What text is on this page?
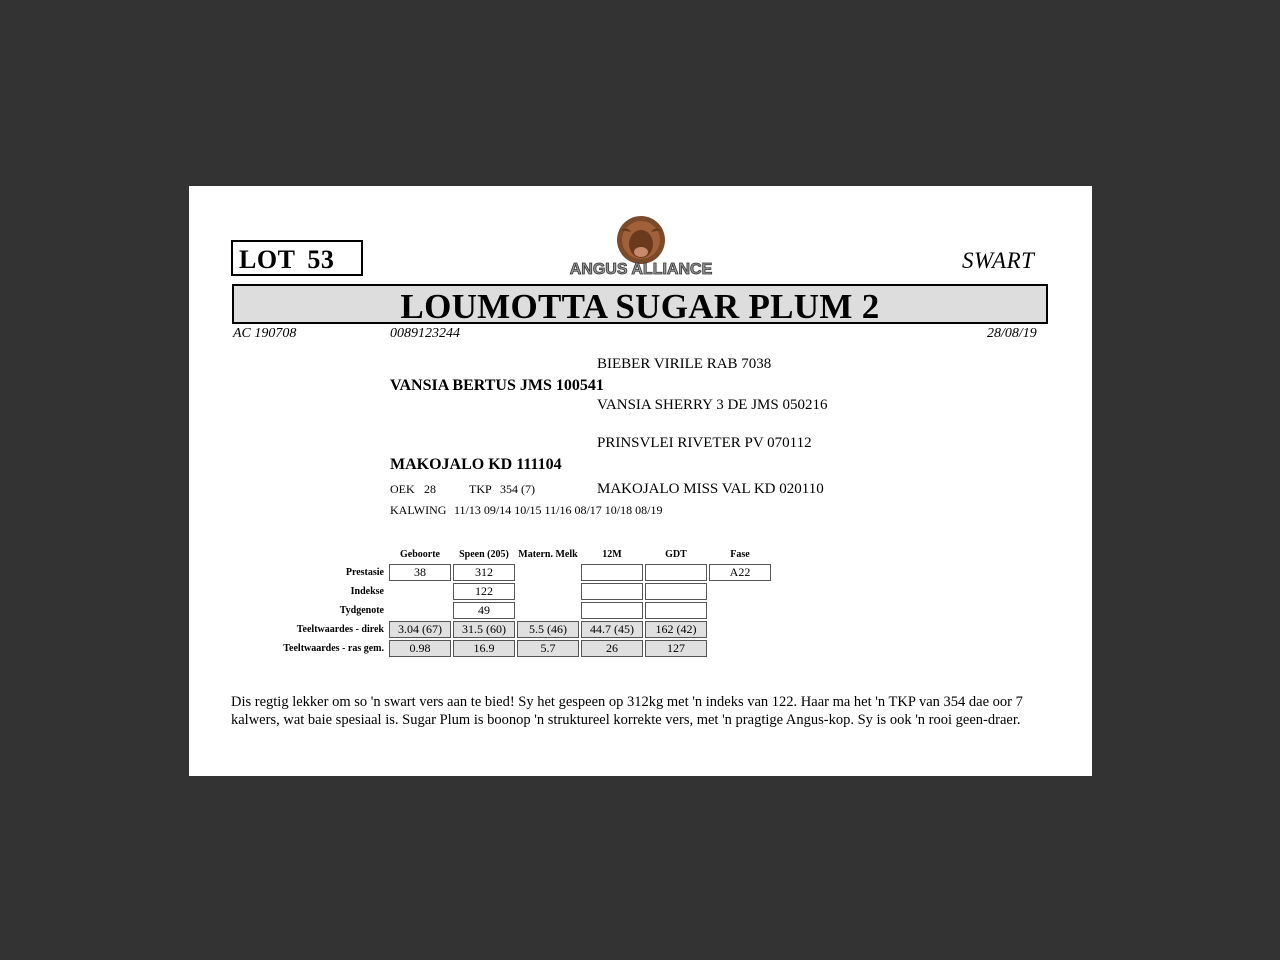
LOT 53	ANGUS ALLIANCE	SWART
LOUMOTTA SUGAR PLUM 2
AC 190708	0089123244	28/08/19
BIEBER VIRILE RAB 7038
VANSIA BERTUS JMS 100541
VANSIA SHERRY 3 DE JMS 050216
PRINSVLEI RIVETER PV 070112
MAKOJALO KD 111104
MAKOJALO MISS VAL KD 020110
OEK 28	TKP 354 (7)
KALWING 11/13 09/14 10/15 11/16 08/17 10/18 08/19
	Geboorte	Speen (205)	Matern. Melk	12M	GDT	Fase
Prestasie	38	312				A22
Indekse		122				
Tydgenote		49				
Teeltwaardes - direk	3.04 (67)	31.5 (60)	5.5 (46)	44.7 (45)	162 (42)	
Teeltwaardes - ras gem.	0.98	16.9	5.7	26	127	
Dis regtig lekker om so 'n swart vers aan te bied! Sy het gespeen op 312kg met 'n indeks van 122. Haar ma het 'n TKP van 354 dae oor 7 kalwers, wat baie spesiaal is. Sugar Plum is boonop 'n struktureel korrekte vers, met 'n pragtige Angus-kop. Sy is ook 'n rooi geen-draer.
